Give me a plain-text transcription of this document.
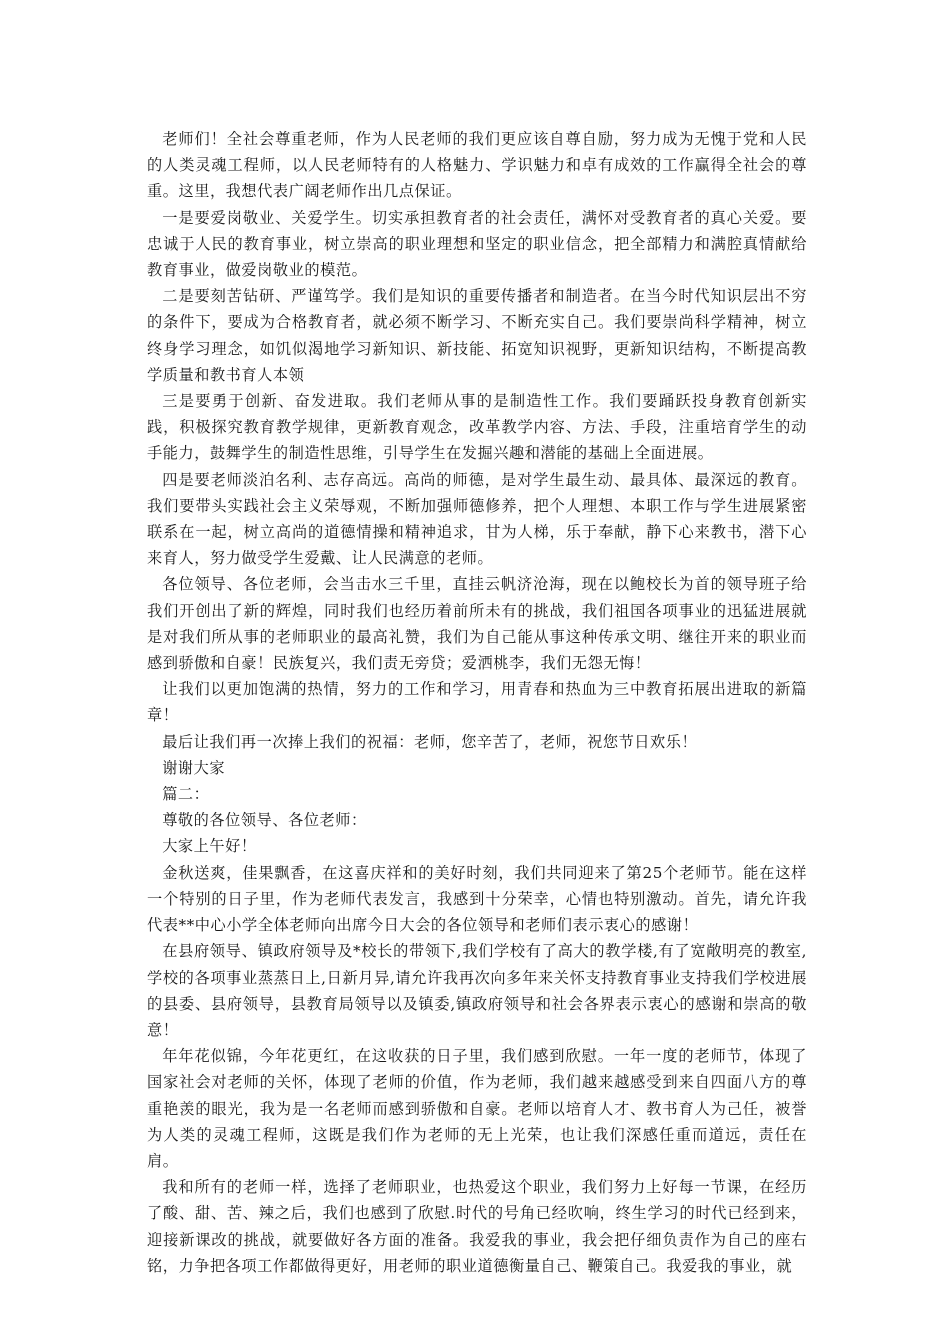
老师们！全社会尊重老师，作为人民老师的我们更应该自尊自励，努力成为无愧于党和人民的人类灵魂工程师，以人民老师特有的人格魅力、学识魅力和卓有成效的工作赢得全社会的尊重。这里，我想代表广阔老师作出几点保证。

一是要爱岗敬业、关爱学生。切实承担教育者的社会责任，满怀对受教育者的真心关爱。要忠诚于人民的教育事业，树立崇高的职业理想和坚定的职业信念，把全部精力和满腔真情献给教育事业，做爱岗敬业的模范。

二是要刻苦钻研、严谨笃学。我们是知识的重要传播者和制造者。在当今时代知识层出不穷的条件下，要成为合格教育者，就必须不断学习、不断充实自己。我们要崇尚科学精神，树立终身学习理念，如饥似渴地学习新知识、新技能、拓宽知识视野，更新知识结构，不断提高教学质量和教书育人本领

三是要勇于创新、奋发进取。我们老师从事的是制造性工作。我们要踊跃投身教育创新实践，积极探究教育教学规律，更新教育观念，改革教学内容、方法、手段，注重培育学生的动手能力，鼓舞学生的制造性思维，引导学生在发掘兴趣和潜能的基础上全面进展。

四是要老师淡泊名利、志存高远。高尚的师德，是对学生最生动、最具体、最深远的教育。我们要带头实践社会主义荣辱观，不断加强师德修养，把个人理想、本职工作与学生进展紧密联系在一起，树立高尚的道德情操和精神追求，甘为人梯，乐于奉献，静下心来教书，潜下心来育人，努力做受学生爱戴、让人民满意的老师。

各位领导、各位老师，会当击水三千里，直挂云帆济沧海，现在以鲍校长为首的领导班子给我们开创出了新的辉煌，同时我们也经历着前所未有的挑战，我们祖国各项事业的迅猛进展就是对我们所从事的老师职业的最高礼赞，我们为自己能从事这种传承文明、继往开来的职业而感到骄傲和自豪！民族复兴，我们责无旁贷；爱洒桃李，我们无怨无悔！

让我们以更加饱满的热情，努力的工作和学习，用青春和热血为三中教育拓展出进取的新篇章！

最后让我们再一次捧上我们的祝福：老师，您辛苦了，老师，祝您节日欢乐！

谢谢大家

篇二：

尊敬的各位领导、各位老师：

大家上午好！

金秋送爽，佳果飘香，在这喜庆祥和的美好时刻，我们共同迎来了第25个老师节。能在这样一个特别的日子里，作为老师代表发言，我感到十分荣幸，心情也特别激动。首先，请允许我代表**中心小学全体老师向出席今日大会的各位领导和老师们表示衷心的感谢！

在县府领导、镇政府领导及*校长的带领下,我们学校有了高大的教学楼,有了宽敞明亮的教室,学校的各项事业蒸蒸日上,日新月异,请允许我再次向多年来关怀支持教育事业支持我们学校进展的县委、县府领导，县教育局领导以及镇委,镇政府领导和社会各界表示衷心的感谢和崇高的敬意！

年年花似锦，今年花更红，在这收获的日子里，我们感到欣慰。一年一度的老师节，体现了国家社会对老师的关怀，体现了老师的价值，作为老师，我们越来越感受到来自四面八方的尊重艳羡的眼光，我为是一名老师而感到骄傲和自豪。老师以培育人才、教书育人为己任，被誉为人类的灵魂工程师，这既是我们作为老师的无上光荣，也让我们深感任重而道远，责任在肩。

我和所有的老师一样，选择了老师职业，也热爱这个职业，我们努力上好每一节课，在经历了酸、甜、苦、辣之后，我们也感到了欣慰.时代的号角已经吹响，终生学习的时代已经到来，迎接新课改的挑战，就要做好各方面的准备。我爱我的事业，我会把仔细负责作为自己的座右铭，力争把各项工作都做得更好，用老师的职业道德衡量自己、鞭策自己。我爱我的事业，就
